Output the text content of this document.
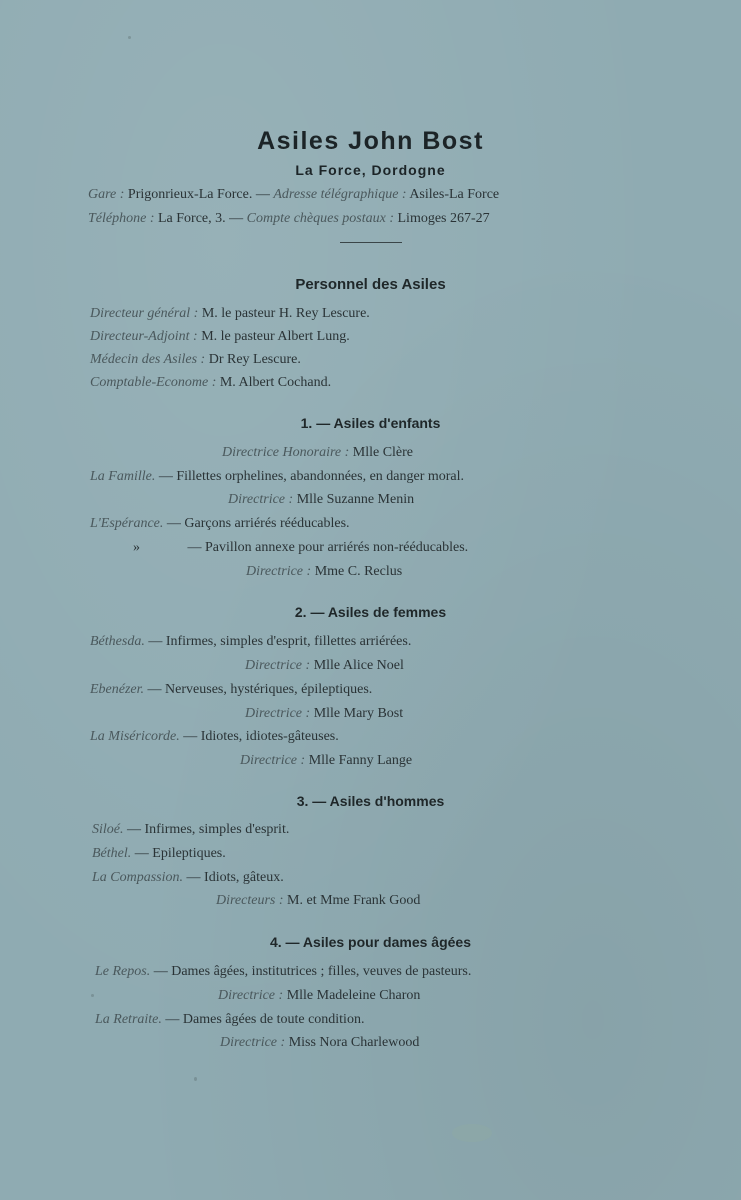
Asiles John Bost
La Force, Dordogne
Gare : Prigonrieux-La Force. — Adresse télégraphique : Asiles-La Force
Téléphone : La Force, 3. — Compte chèques postaux : Limoges 267-27
Personnel des Asiles
Directeur général : M. le pasteur H. Rey Lescure.
Directeur-Adjoint : M. le pasteur Albert Lung.
Médecin des Asiles : Dr Rey Lescure.
Comptable-Econome : M. Albert Cochand.
1. — Asiles d'enfants
Directrice Honoraire : Mlle Clère
La Famille. — Fillettes orphelines, abandonnées, en danger moral.
Directrice : Mlle Suzanne Menin
L'Espérance. — Garçons arriérés rééducables.
»	— Pavillon annexe pour arriérés non-rééducables.
Directrice : Mme C. Reclus
2. — Asiles de femmes
Béthesda. — Infirmes, simples d'esprit, fillettes arriérées.
Directrice : Mlle Alice Noel
Ebenézer. — Nerveuses, hystériques, épileptiques.
Directrice : Mlle Mary Bost
La Miséricorde. — Idiotes, idiotes-gâteuses.
Directrice : Mlle Fanny Lange
3. — Asiles d'hommes
Siloé. — Infirmes, simples d'esprit.
Béthel. — Epileptiques.
La Compassion. — Idiots, gâteux.
Directeurs : M. et Mme Frank Good
4. — Asiles pour dames âgées
Le Repos. — Dames âgées, institutrices ; filles, veuves de pasteurs.
Directrice : Mlle Madeleine Charon
La Retraite. — Dames âgées de toute condition.
Directrice : Miss Nora Charlewood
